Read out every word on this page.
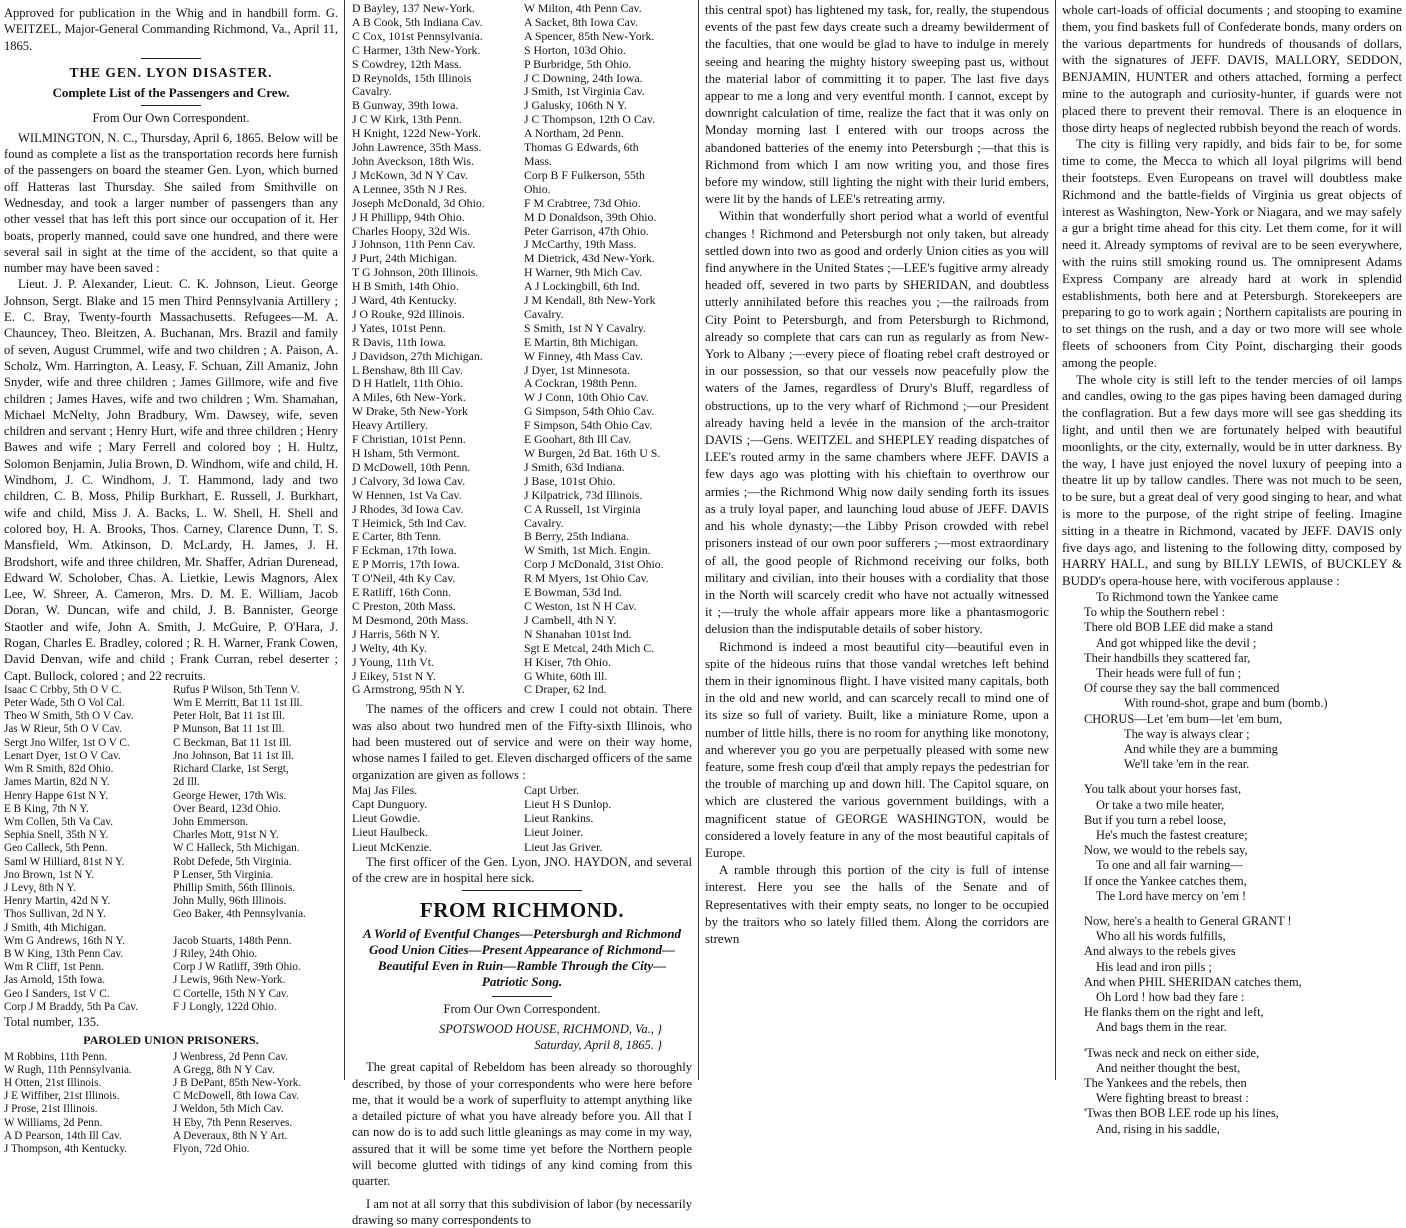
Approved for publication in the Whig and in handbill form. G. WEITZEL, Major-General Commanding Richmond, Va., April 11, 1865.

THE GEN. LYON DISASTER.
Complete List of the Passengers and Crew.
From Our Own Correspondent.

WILMINGTON, N. C., Thursday, April 6, 1865. Below will be found as complete a list as the transportation records here furnish of the passengers on board the steamer Gen. Lyon, which burned off Hatteras last Thursday. She sailed from Smithville on Wednesday, and took a larger number of passengers than any other vessel that has left this port since our occupation of it. Her boats, properly manned, could save one hundred, and there were several sail in sight at the time of the accident, so that quite a number may have been saved :

Lieut. J. P. Alexander, Lieut. C. K. Johnson, Lieut. George Johnson, Sergt. Blake and 15 men Third Pennsylvania Artillery ; E. C. Bray, Twenty-fourth Massachusetts. Refugees—M. A. Chauncey, Theo. Bleitzen, A. Buchanan, Mrs. Brazil and family of seven, August Crummel, wife and two children ; A. Paison, A. Scholz, Wm. Harrington, A. Leasy, F. Schuan, Zill Amaniz, John Snyder, wife and three children ; James Gillmore, wife and five children ; James Haves, wife and two children ; Wm. Shamahan, Michael McNelty, John Bradbury, Wm. Dawsey, wife, seven children and servant ; Henry Hurt, wife and three children ; Henry Bawes and wife ; Mary Ferrell and colored boy ; H. Hultz, Solomon Benjamin, Julia Brown, D. Windhom, wife and child, H. Windhom, J. C. Windhom, J. T. Hammond, lady and two children, C. B. Moss, Philip Burkhart, E. Russell, J. Burkhart, wife and child, Miss J. A. Backs, L. W. Shell, H. Shell and colored boy, H. A. Brooks, Thos. Carney, Clarence Dunn, T. S. Mansfield, Wm. Atkinson, D. McLardy, H. James, J. H. Brodshort, wife and three children, Mr. Shaffer, Adrian Durenead, Edward W. Scholober, Chas. A. Lietkie, Lewis Magnors, Alex Lee, W. Shreer, A. Cameron, Mrs. D. M. E. William, Jacob Doran, W. Duncan, wife and child, J. B. Bannister, George Staotler and wife, John A. Smith, J. McGuire, P. O'Hara, J. Rogan, Charles E. Bradley, colored ; R. H. Warner, Frank Cowen, David Denvan, wife and child ; Frank Curran, rebel deserter ; Capt. Bullock, colored ; and 22 recruits.

Isaac C Crbby, 5th O V C.	Rufus P Wilson, 5th Tenn V.
Peter Wade, 5th O Vol Cal.	Wm E Merritt, Bat 11 1st Ill.
Theo W Smith, 5th O V Cav.	Peter Holt, Bat 11 1st Ill.
Jas W Rieur, 5th O V Cav.	P Munson, Bat 11 1st Ill.
Sergt Jno Wilfer, 1st O V C.	C Beckman, Bat 11 1st Ill.
Lenart Dyer, 1st O V Cav.	Jno Johnson, Bat 11 1st Ill.
Wm R Smith, 82d Ohio.	Richard Clarke, 1st Sergt,
James Martin, 82d N Y.	2d Ill.
Henry Happe 61st N Y.	George Hewer, 17th Wis.
E B King, 7th N Y.	Over Beard, 123d Ohio.
Wm Collen, 5th Va Cav.	John Emmerson.
Sephia Snell, 35th N Y.	Charles Mott, 91st N Y.
Geo Calleck, 5th Penn.	W C Halleck, 5th Michigan.
Saml W Hilliard, 81st N Y.	Robt Defede, 5th Virginia.
Jno Brown, 1st N Y.	P Lenser, 5th Virginia.
J Levy, 8th N Y.	Phillip Smith, 56th Illinois.
Henry Martin, 42d N Y.	John Mully, 96th Illinois.
Thos Sullivan, 2d N Y.	Geo Baker, 4th Pennsylvania.
J Smith, 4th Michigan.
Wm G Andrews, 16th N Y.	Jacob Stuarts, 148th Penn.
B W King, 13th Penn Cav.	J Riley, 24th Ohio.
Wm R Cliff, 1st Penn.	Corp J W Ratliff, 39th Ohio.
Jas Arnold, 15th Iowa.	J Lewis, 96th New-York.
Geo I Sanders, 1st V C.	C Cortelle, 15th N Y Cav.
Corp J M Braddy, 5th Pa Cav.	F J Longly, 122d Ohio.

Total number, 135.

PAROLED UNION PRISONERS.
M Robbins, 11th Penn.	J Wenbress, 2d Penn Cav.
W Rugh, 11th Pennsylvania.	A Gregg, 8th N Y Cav.
H Otten, 21st Illinois.	J B DePant, 85th New-York.
J E Wiffiber, 21st Illinois.	C McDowell, 8th Iowa Cav.
J Prose, 21st Illinois.	J Weldon, 5th Mich Cav.
W Williams, 2d Penn.	H Eby, 7th Penn Reserves.
A D Pearson, 14th Ill Cav.	A Deveraux, 8th N Y Art.
J Thompson, 4th Kentucky.	Flyon, 72d Ohio.
D Bayley, 137 New-York.	W Milton, 4th Penn Cav.
A B Cook, 5th Indiana Cav.	A Sacket, 8th Iowa Cav.
C Cox, 101st Pennsylvania.	A Spencer, 85th New-York.
C Harmer, 13th New-York.	S Horton, 103d Ohio.
S Cowdrey, 12th Mass.	P Burbridge, 5th Ohio.
D Reynolds, 15th Illinois	J C Downing, 24th Iowa.
Cavalry.	J Smith, 1st Virginia Cav.
B Gunway, 39th Iowa.	J Galusky, 106th N Y.
J C W Kirk, 13th Penn.	J C Thompson, 12th O Cav.
H Knight, 122d New-York.	A Northam, 2d Penn.
John Lawrence, 35th Mass.	Thomas G Edwards, 6th
John Aveckson, 18th Wis.	Mass.
J McKown, 3d N Y Cav.	Corp B F Fulkerson, 55th
A Lennee, 35th N J Res.	Ohio.
Joseph McDonald, 3d Ohio.	F M Crabtree, 73d Ohio.
J H Phillipp, 94th Ohio.	M D Donaldson, 39th Ohio.
Charles Hoopy, 32d Wis.	Peter Garrison, 47th Ohio.
J Johnson, 11th Penn Cav.	J McCarthy, 19th Mass.
J Purt, 24th Michigan.	M Dietrick, 43d New-York.
T G Johnson, 20th Illinois.	H Warner, 9th Mich Cav.
H B Smith, 14th Ohio.	A J Lockingbill, 6th Ind.
J Ward, 4th Kentucky.	J M Kendall, 8th New-York
J O Rouke, 92d Illinois.	Cavalry.
J Yates, 101st Penn.	S Smith, 1st N Y Cavalry.
R Davis, 11th Iowa.	E Martin, 8th Michigan.
J Davidson, 27th Michigan.	W Finney, 4th Mass Cav.
L Benshaw, 8th Ill Cav.	J Dyer, 1st Minnesota.
D H Hatlelt, 11th Ohio.	A Cockran, 198th Penn.
A Miles, 6th New-York.	W J Conn, 10th Ohio Cav.
W Drake, 5th New-York	G Simpson, 54th Ohio Cav.
Heavy Artillery.	F Simpson, 54th Ohio Cav.
F Christian, 101st Penn.	E Goohart, 8th Ill Cav.
H Isham, 5th Vermont.	W Burgen, 2d Bat. 16th U S.
D McDowell, 10th Penn.	J Smith, 63d Indiana.
J Calvory, 3d Iowa Cav.	J Base, 101st Ohio.
W Hennen, 1st Va Cav.	J Kilpatrick, 73d Illinois.
J Rhodes, 3d Iowa Cav.	C A Russell, 1st Virginia
T Heimick, 5th Ind Cav.	Cavalry.
E Carter, 8th Tenn.	B Berry, 25th Indiana.
F Eckman, 17th Iowa.	W Smith, 1st Mich. Engin.
E P Morris, 17th Iowa.	Corp J McDonald, 31st Ohio.
T O'Neil, 4th Ky Cav.	R M Myers, 1st Ohio Cav.
E Ratliff, 16th Conn.	E Bowman, 53d Ind.
C Preston, 20th Mass.	C Weston, 1st N H Cav.
M Desmond, 20th Mass.	J Cambell, 4th N Y.
J Harris, 56th N Y.	N Shanahan 101st Ind.
J Welty, 4th Ky.	Sgt E Metcal, 24th Mich C.
J Young, 11th Vt.	H Kiser, 7th Ohio.
J Eikey, 51st N Y.	G White, 60th Ill.
G Armstrong, 95th N Y.	C Draper, 62 Ind.

The names of the officers and crew I could not obtain. There was also about two hundred men of the Fifty-sixth Illinois, who had been mustered out of service and were on their way home, whose names I failed to get. Eleven discharged officers of the same organization are given as follows :

Maj Jas Files.	Capt Urber.
Capt Dunguory.	Lieut H S Dunlop.
Lieut Gowdie.	Lieut Rankins.
Lieut Haulbeck.	Lieut Joiner.
Lieut McKenzie.	Lieut Jas Griver.

The first officer of the Gen. Lyon, JNO. HAYDON, and several of the crew are in hospital here sick.

FROM RICHMOND.
A World of Eventful Changes—Petersburgh and Richmond Good Union Cities—Present Appearance of Richmond—Beautiful Even in Ruin—Ramble Through the City—Patriotic Song.
From Our Own Correspondent.
SPOTSWOOD HOUSE, RICHMOND, Va., }
Saturday, April 8, 1865. }

The great capital of Rebeldom has been already so thoroughly described, by those of your correspondents who were here before me, that it would be a work of superfluity to attempt anything like a detailed picture of what you have already before you. All that I can now do is to add such little gleanings as may come in my way, assured that it will be some time yet before the Northern people will become glutted with tidings of any kind coming from this quarter.

I am not at all sorry that this subdivision of labor (by necessarily drawing so many correspondents to

this central spot) has lightened my task, for, really, the stupendous events of the past few days create such a dreamy bewilderment of the faculties, that one would be glad to have to indulge in merely seeing and hearing the mighty history sweeping past us, without the material labor of committing it to paper. The last five days appear to me a long and very eventful month. I cannot, except by downright calculation of time, realize the fact that it was only on Monday morning last I entered with our troops across the abandoned batteries of the enemy into Petersburgh ;—that this is Richmond from which I am now writing you, and those fires before my window, still lighting the night with their lurid embers, were lit by the hands of LEE's retreating army.

Within that wonderfully short period what a world of eventful changes ! Richmond and Petersburgh not only taken, but already settled down into two as good and orderly Union cities as you will find anywhere in the United States ;—LEE's fugitive army already headed off, severed in two parts by SHERIDAN, and doubtless utterly annihilated before this reaches you ;—the railroads from City Point to Petersburgh, and from Petersburgh to Richmond, already so complete that cars can run as regularly as from New-York to Albany ;—every piece of floating rebel craft destroyed or in our possession, so that our vessels now peacefully plow the waters of the James, regardless of Drury's Bluff, regardless of obstructions, up to the very wharf of Richmond ;—our President already having held a levée in the mansion of the arch-traitor DAVIS ;—Gens. WEITZEL and SHEPLEY reading dispatches of LEE's routed army in the same chambers where JEFF. DAVIS a few days ago was plotting with his chieftain to overthrow our armies ;—the Richmond Whig now daily sending forth its issues as a truly loyal paper, and launching loud abuse of JEFF. DAVIS and his whole dynasty;—the Libby Prison crowded with rebel prisoners instead of our own poor sufferers ;—most extraordinary of all, the good people of Richmond receiving our folks, both military and civilian, into their houses with a cordiality that those in the North will scarcely credit who have not actually witnessed it ;—truly the whole affair appears more like a phantasmogoric delusion than the indisputable details of sober history.

Richmond is indeed a most beautiful city—beautiful even in spite of the hideous ruins that those vandal wretches left behind them in their ignominous flight. I have visited many capitals, both in the old and new world, and can scarcely recall to mind one of its size so full of variety. Built, like a miniature Rome, upon a number of little hills, there is no room for anything like monotony, and wherever you go you are perpetually pleased with some new feature, some fresh coup d'œil that amply repays the pedestrian for the trouble of marching up and down hill. The Capitol square, on which are clustered the various government buildings, with a magnificent statue of GEORGE WASHINGTON, would be considered a lovely feature in any of the most beautiful capitals of Europe.

A ramble through this portion of the city is full of intense interest. Here you see the halls of the Senate and of Representatives with their empty seats, no longer to be occupied by the traitors who so lately filled them. Along the corridors are strewn

whole cart-loads of official documents ; and stooping to examine them, you find baskets full of Confederate bonds, many orders on the various departments for hundreds of thousands of dollars, with the signatures of JEFF. DAVIS, MALLORY, SEDDON, BENJAMIN, HUNTER and others attached, forming a perfect mine to the autograph and curiosity-hunter, if guards were not placed there to prevent their removal. There is an eloquence in those dirty heaps of neglected rubbish beyond the reach of words.

The city is filling very rapidly, and bids fair to be, for some time to come, the Mecca to which all loyal pilgrims will bend their footsteps. Even Europeans on travel will doubtless make Richmond and the battle-fields of Virginia us great objects of interest as Washington, New-York or Niagara, and we may safely a gur a bright time ahead for this city. Let them come, for it will need it. Already symptoms of revival are to be seen everywhere, with the ruins still smoking round us. The omnipresent Adams Express Company are already hard at work in splendid establishments, both here and at Petersburgh. Storekeepers are preparing to go to work again ; Northern capitalists are pouring in to set things on the rush, and a day or two more will see whole fleets of schooners from City Point, discharging their goods among the people.

The whole city is still left to the tender mercies of oil lamps and candles, owing to the gas pipes having been damaged during the conflagration. But a few days more will see gas shedding its light, and until then we are fortunately helped with beautiful moonlights, or the city, externally, would be in utter darkness. By the way, I have just enjoyed the novel luxury of peeping into a theatre lit up by tallow candles. There was not much to be seen, to be sure, but a great deal of very good singing to hear, and what is more to the purpose, of the right stripe of feeling. Imagine sitting in a theatre in Richmond, vacated by JEFF. DAVIS only five days ago, and listening to the following ditty, composed by HARRY HALL, and sung by BILLY LEWIS, of BUCKLEY & BUDD's opera-house here, with vociferous applause :

To Richmond town the Yankee came
To whip the Southern rebel :
There old BOB LEE did make a stand
And got whipped like the devil ;
Their handbills they scattered far,
Their heads were full of fun ;
Of course they say the ball commenced
With round-shot, grape and bum (bomb.)
CHORUS—Let 'em bum—let 'em bum,
The way is always clear ;
And while they are a bumming
We'll take 'em in the rear.
You talk about your horses fast,
Or take a two mile heater,
But if you turn a rebel loose,
He's much the fastest creature;
Now, we would to the rebels say,
To one and all fair warning—
If once the Yankee catches them,
The Lord have mercy on 'em !
Now, here's a health to General GRANT !
Who all his words fulfills,
And always to the rebels gives
His lead and iron pills ;
And when PHIL SHERIDAN catches them,
Oh Lord ! how bad they fare :
He flanks them on the right and left,
And bags them in the rear.
'Twas neck and neck on either side,
And neither thought the best,
The Yankees and the rebels, then
Were fighting breast to breast :
'Twas then BOB LEE rode up his lines,
And, rising in his saddle,
